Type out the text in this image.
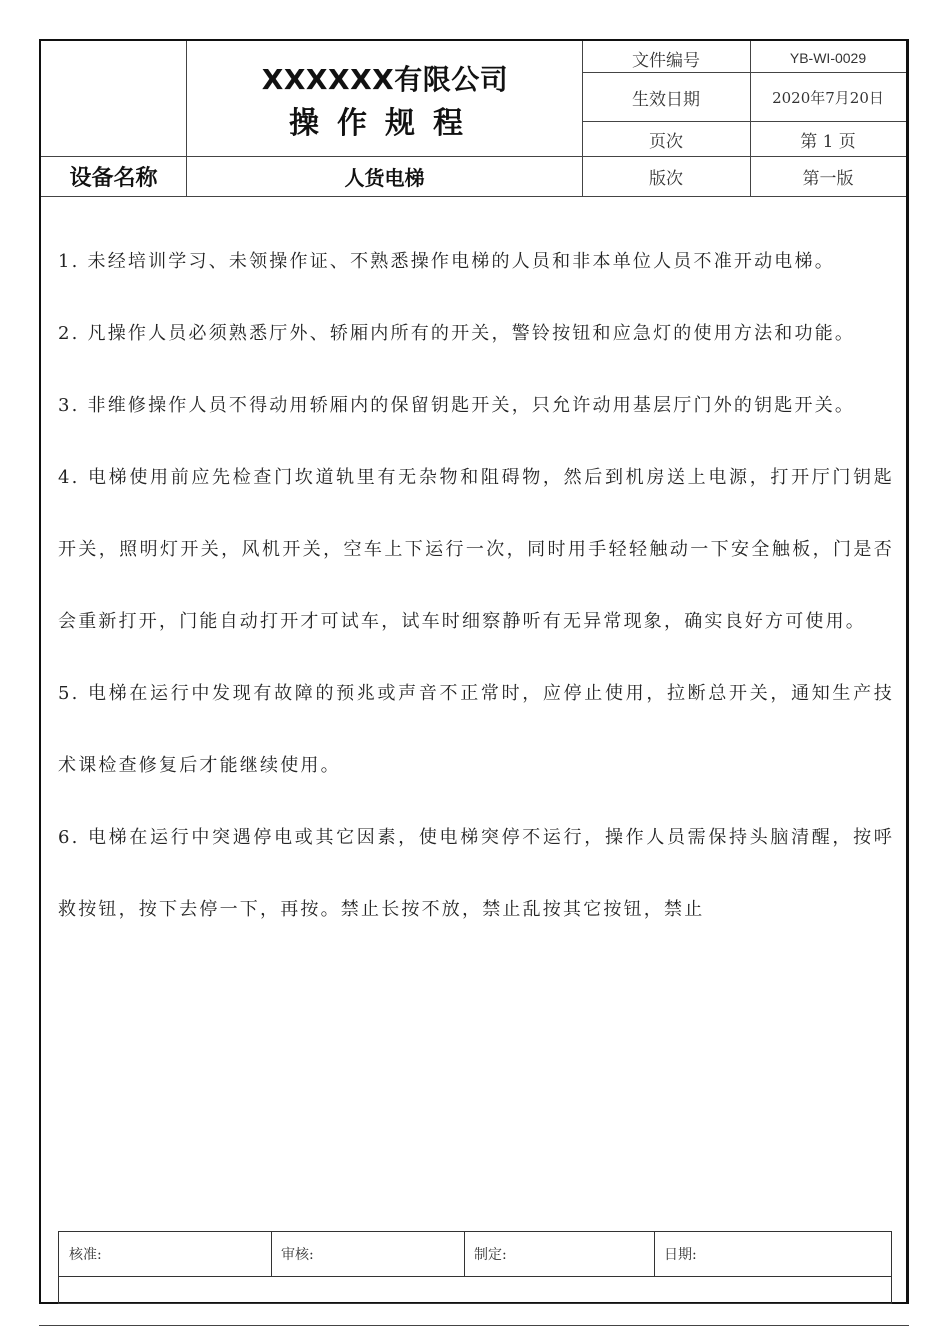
XXXXXX有限公司
操作规程
文件编号	YB-WI-0029
生效日期	2020年7月20日
页次	第 1 页
版次	第一版
设备名称	人货电梯

1. 未经培训学习、未领操作证、不熟悉操作电梯的人员和非本单位人员不准开动电梯。

2. 凡操作人员必须熟悉厅外、轿厢内所有的开关，警铃按钮和应急灯的使用方法和功能。

3. 非维修操作人员不得动用轿厢内的保留钥匙开关，只允许动用基层厅门外的钥匙开关。

4. 电梯使用前应先检查门坎道轨里有无杂物和阻碍物，然后到机房送上电源，打开厅门钥匙开关，照明灯开关，风机开关，空车上下运行一次，同时用手轻轻触动一下安全触板，门是否会重新打开，门能自动打开才可试车，试车时细察静听有无异常现象，确实良好方可使用。

5. 电梯在运行中发现有故障的预兆或声音不正常时，应停止使用，拉断总开关，通知生产技术课检查修复后才能继续使用。

6. 电梯在运行中突遇停电或其它因素，使电梯突停不运行，操作人员需保持头脑清醒，按呼救按钮，按下去停一下，再按。禁止长按不放，禁止乱按其它按钮，禁止

核准:	审核:	制定:	日期:
